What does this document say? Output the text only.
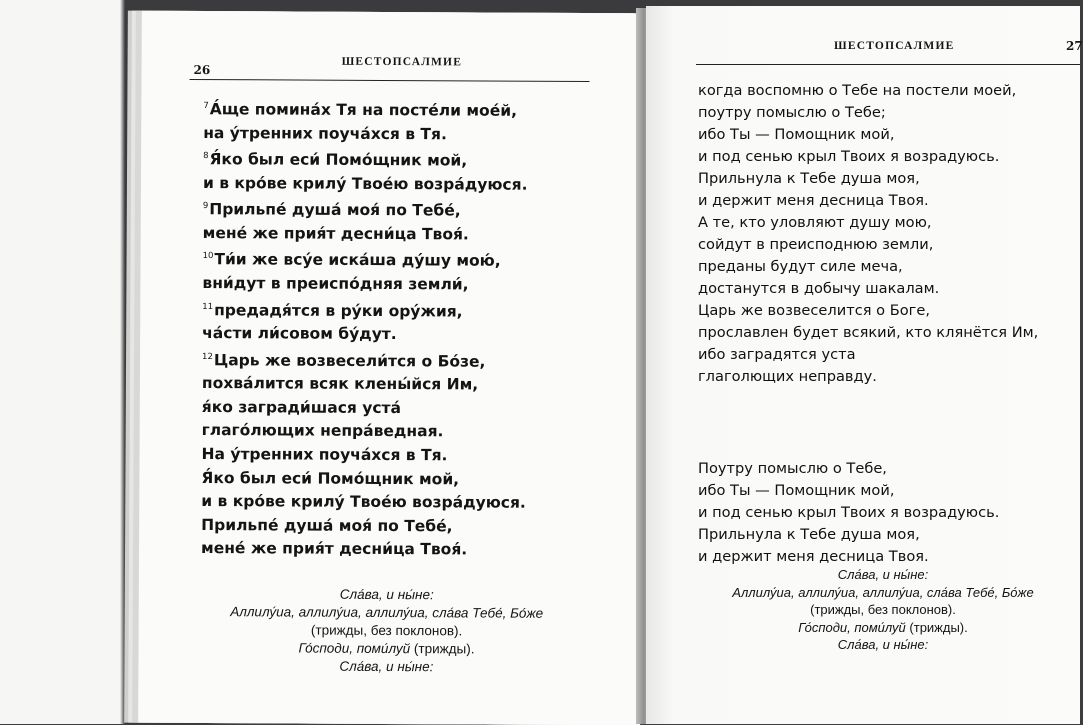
26
ШЕСТОПСАЛМИЕ
$^7$А́ще помина́х Тя на посте́ли мое́й,
на у́тренних поуча́хся в Тя.
$^8$Я́ко был еси́ Помо́щник мой,
и в кро́ве крилу́ Твое́ю возра́дуюся.
$^9$Прильпе́ душа́ моя́ по Тебе́,
мене́ же прия́т десни́ца Твоя́.
$^{10}$Ти́и же всу́е иска́ша ду́шу мою́,
вни́дут в преиспо́дняя земли́,
$^{11}$предадя́тся в ру́ки ору́жия,
ча́сти ли́совом бу́дут.
$^{12}$Царь же возвесели́тся о Бо́зе,
похва́лится всяк клены́йся Им,
я́ко загради́шася уста́
глаго́лющих непра́ведная.
На у́тренних поуча́хся в Тя.
Я́ко был еси́ Помо́щник мой,
и в кро́ве крилу́ Твое́ю возра́дуюся.
Прильпе́ душа́ моя́ по Тебе́,
мене́ же прия́т десни́ца Твоя́.
Сла́ва, и ны́не:
Аллилу́иа, аллилу́иа, аллилу́иа, сла́ва Тебе́, Бо́же
(трижды, без поклонов).
Го́споди, поми́луй (трижды).
Сла́ва, и ны́не:
ШЕСТОПСАЛМИЕ	27
когда воспомню о Тебе на постели моей,
поутру помыслю о Тебе;
ибо Ты — Помощник мой,
и под сенью крыл Твоих я возрадуюсь.
Прильнула к Тебе душа моя,
и держит меня десница Твоя.
А те, кто уловляют душу мою,
сойдут в преисподнюю земли,
преданы будут силе меча,
достанутся в добычу шакалам.
Царь же возвеселится о Боге,
прославлен будет всякий, кто клянётся Им,
ибо заградятся уста
глаголющих неправду.
Поутру помыслю о Тебе,
ибо Ты — Помощник мой,
и под сенью крыл Твоих я возрадуюсь.
Прильнула к Тебе душа моя,
и держит меня десница Твоя.
Сла́ва, и ны́не:
Аллилу́иа, аллилу́иа, аллилу́иа, сла́ва Тебе́, Бо́же
(трижды, без поклонов).
Го́споди, поми́луй (трижды).
Сла́ва, и ны́не:
